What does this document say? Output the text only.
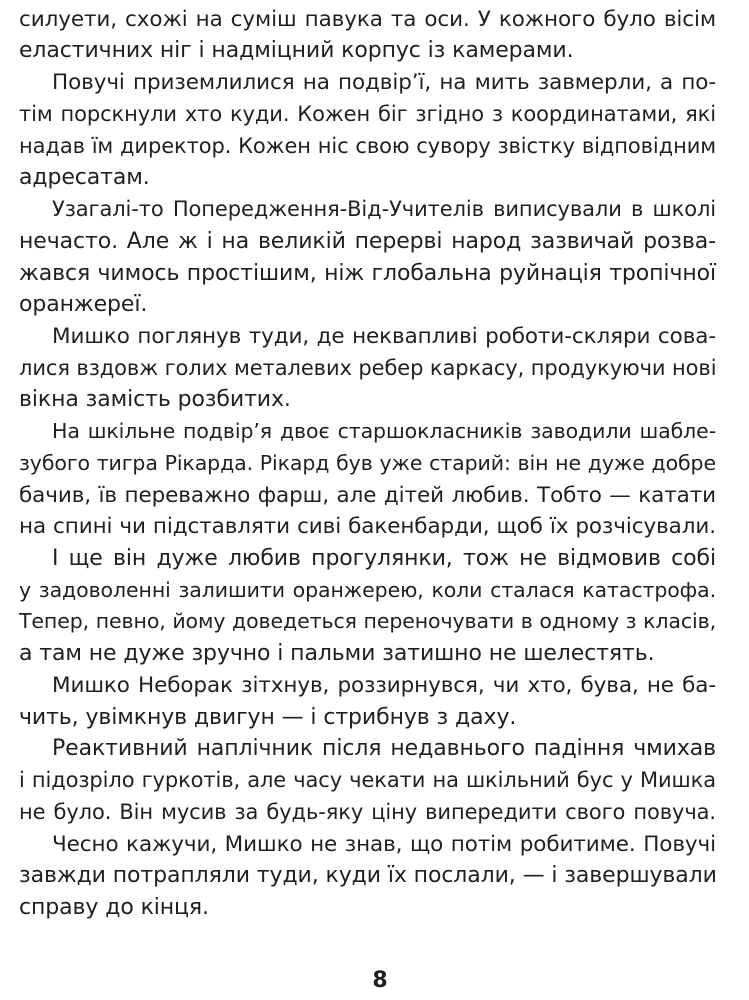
силуети, схожі на суміш павука та оси. У кожного було вісім
еластичних ніг і надміцний корпус із камерами.
Повучі приземлилися на подвір’ї, на мить завмерли, а по-
тім порскнули хто куди. Кожен біг згідно з координатами, які
надав їм директор. Кожен ніс свою сувору звістку відповідним
адресатам.
Узагалі-то Попередження-Від-Учителів виписували в школі
нечасто. Але ж і на великій перерві народ зазвичай розва-
жався чимось простішим, ніж глобальна руйнація тропічної
оранжереї.
Мишко поглянув туди, де неквапливі роботи-скляри сова-
лися вздовж голих металевих ребер каркасу, продукуючи нові
вікна замість розбитих.
На шкільне подвір’я двоє старшокласників заводили шабле-
зубого тигра Рікарда. Рікард був уже старий: він не дуже добре
бачив, їв переважно фарш, але дітей любив. Тобто — катати
на спині чи підставляти сиві бакенбарди, щоб їх розчісували.
І ще він дуже любив прогулянки, тож не відмовив собі
у задоволенні залишити оранжерею, коли сталася катастрофа.
Тепер, певно, йому доведеться переночувати в одному з класів,
а там не дуже зручно і пальми затишно не шелестять.
Мишко Неборак зітхнув, роззирнувся, чи хто, бува, не ба-
чить, увімкнув двигун — і стрибнув з даху.
Реактивний наплічник після недавнього падіння чмихав
і підозріло гуркотів, але часу чекати на шкільний бус у Мишка
не було. Він мусив за будь-яку ціну випередити свого повуча.
Чесно кажучи, Мишко не знав, що потім робитиме. Повучі
завжди потрапляли туди, куди їх послали, — і завершували
справу до кінця.
8
